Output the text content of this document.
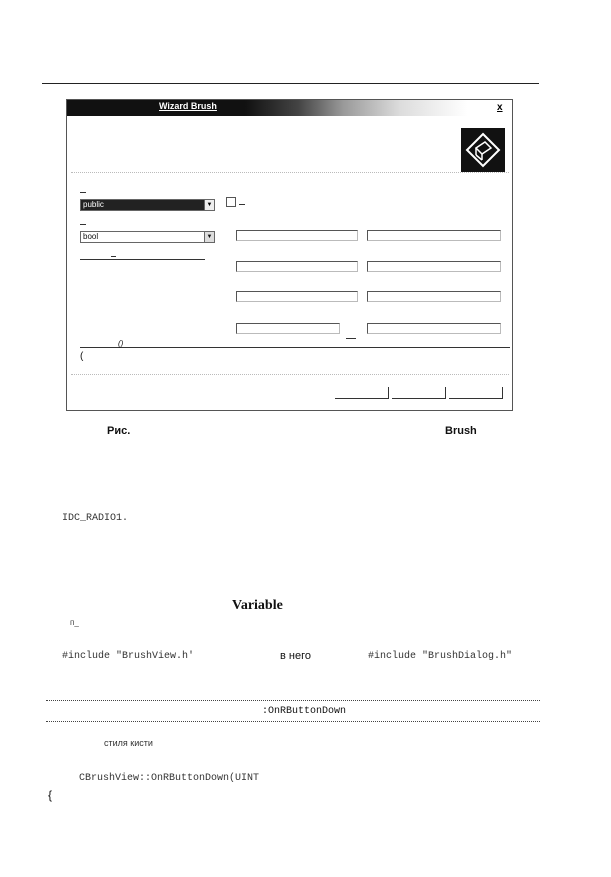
Wizard Brush	x
public	▼
bool	▼
(
()
Рис.	Brush
IDC_RADIO1.
Variable
п_
#include "BrushView.h'	в него	#include "BrushDialog.h"
:OnRButtonDown
стиля кисти
CBrushView::OnRButtonDown(UINT
{
